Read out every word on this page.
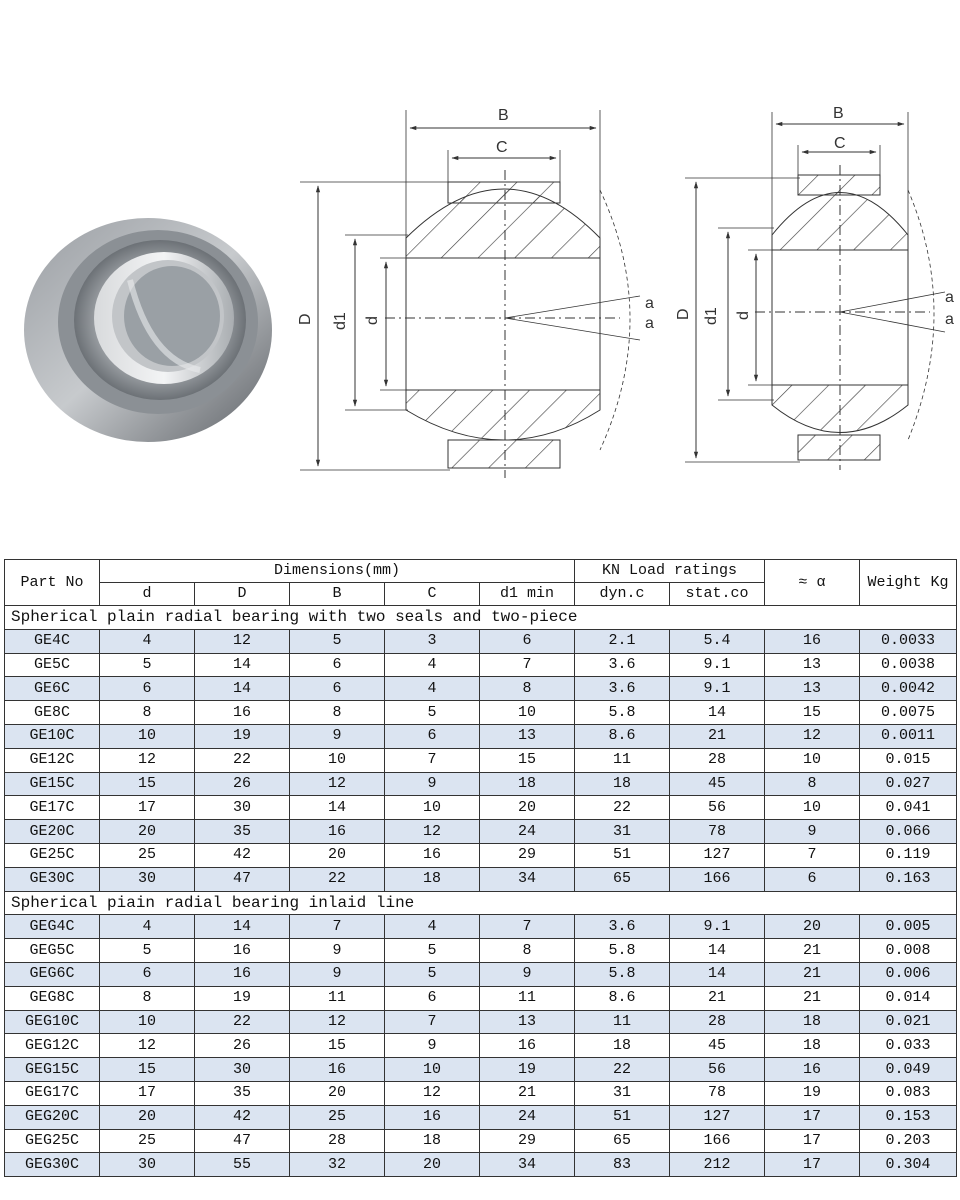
B
C
D d1 d
a
a
B
C
D d1 d
a
a
Part No	Dimensions(mm)					KN Load ratings		≈ α	Weight Kg
	d	D	B	C	d1 min	dyn.c	stat.co		
Spherical plain radial bearing with two seals and two-piece									
GE4C	4	12	5	3	6	2.1	5.4	16	0.0033
GE5C	5	14	6	4	7	3.6	9.1	13	0.0038
GE6C	6	14	6	4	8	3.6	9.1	13	0.0042
GE8C	8	16	8	5	10	5.8	14	15	0.0075
GE10C	10	19	9	6	13	8.6	21	12	0.0011
GE12C	12	22	10	7	15	11	28	10	0.015
GE15C	15	26	12	9	18	18	45	8	0.027
GE17C	17	30	14	10	20	22	56	10	0.041
GE20C	20	35	16	12	24	31	78	9	0.066
GE25C	25	42	20	16	29	51	127	7	0.119
GE30C	30	47	22	18	34	65	166	6	0.163
Spherical piain radial bearing inlaid line									
GEG4C	4	14	7	4	7	3.6	9.1	20	0.005
GEG5C	5	16	9	5	8	5.8	14	21	0.008
GEG6C	6	16	9	5	9	5.8	14	21	0.006
GEG8C	8	19	11	6	11	8.6	21	21	0.014
GEG10C	10	22	12	7	13	11	28	18	0.021
GEG12C	12	26	15	9	16	18	45	18	0.033
GEG15C	15	30	16	10	19	22	56	16	0.049
GEG17C	17	35	20	12	21	31	78	19	0.083
GEG20C	20	42	25	16	24	51	127	17	0.153
GEG25C	25	47	28	18	29	65	166	17	0.203
GEG30C	30	55	32	20	34	83	212	17	0.304
